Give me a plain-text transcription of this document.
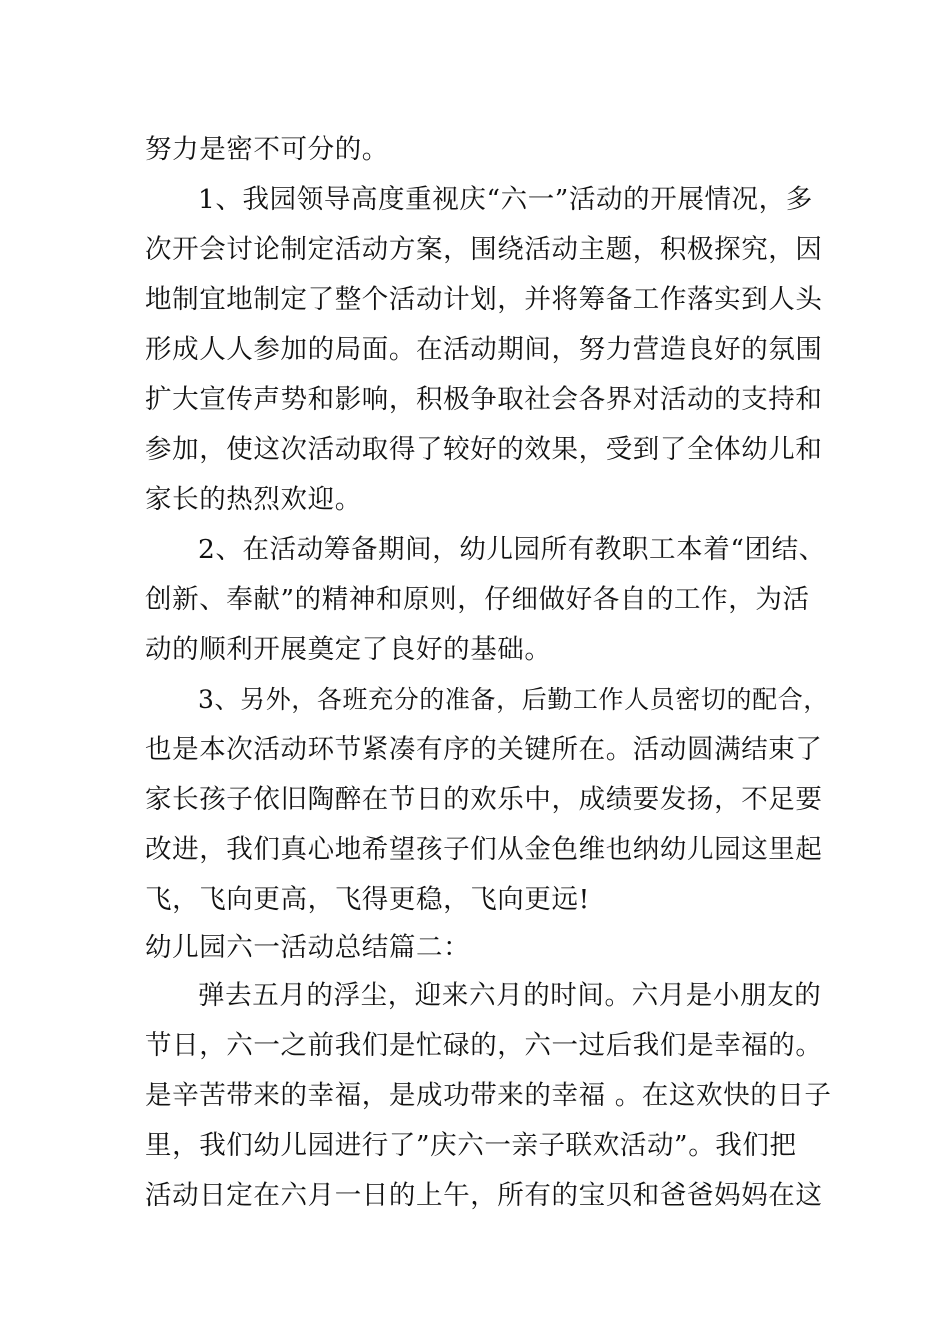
努力是密不可分的。
1、我园领导高度重视庆“六一”活动的开展情况，多
次开会讨论制定活动方案，围绕活动主题，积极探究，因
地制宜地制定了整个活动计划，并将筹备工作落实到人头
形成人人参加的局面。在活动期间，努力营造良好的氛围
扩大宣传声势和影响，积极争取社会各界对活动的支持和
参加，使这次活动取得了较好的效果，受到了全体幼儿和
家长的热烈欢迎。
2、在活动筹备期间，幼儿园所有教职工本着“团结、
创新、奉献”的精神和原则，仔细做好各自的工作，为活
动的顺利开展奠定了良好的基础。
3、另外，各班充分的准备，后勤工作人员密切的配合，
也是本次活动环节紧凑有序的关键所在。活动圆满结束了
家长孩子依旧陶醉在节日的欢乐中，成绩要发扬，不足要
改进，我们真心地希望孩子们从金色维也纳幼儿园这里起
飞，飞向更高，飞得更稳，飞向更远!
幼儿园六一活动总结篇二：
弹去五月的浮尘，迎来六月的时间。六月是小朋友的
节日，六一之前我们是忙碌的，六一过后我们是幸福的。
是辛苦带来的幸福，是成功带来的幸福 。在这欢快的日子
里，我们幼儿园进行了”庆六一亲子联欢活动”。我们把
活动日定在六月一日的上午，所有的宝贝和爸爸妈妈在这
